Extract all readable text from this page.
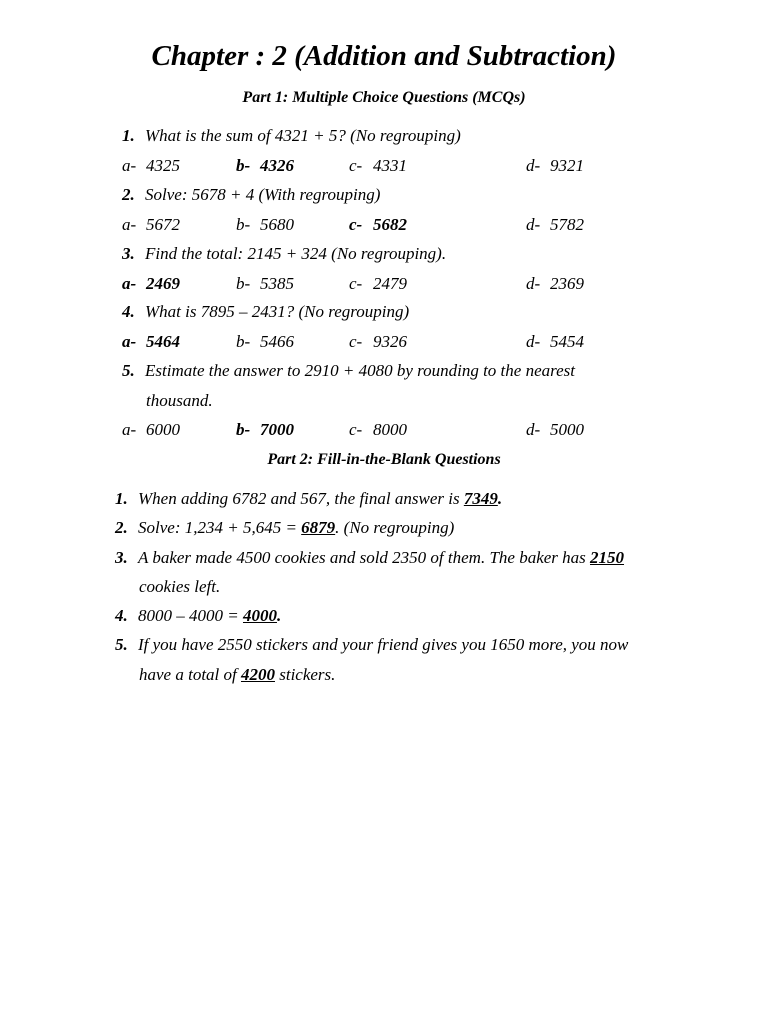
Chapter : 2 (Addition and Subtraction)
Part 1: Multiple Choice Questions (MCQs)
1. What is the sum of 4321 + 5? (No regrouping)
a- 4325	b- 4326	c- 4331	d- 9321
2. Solve: 5678 + 4 (With regrouping)
a- 5672	b- 5680	c- 5682	d- 5782
3. Find the total: 2145 + 324 (No regrouping).
a- 2469	b- 5385	c- 2479	d- 2369
4. What is 7895 – 2431? (No regrouping)
a- 5464	b- 5466	c- 9326	d- 5454
5. Estimate the answer to 2910 + 4080 by rounding to the nearest
thousand.
a- 6000	b- 7000	c- 8000	d- 5000
Part 2: Fill-in-the-Blank Questions
1. When adding 6782 and 567, the final answer is 7349.
2. Solve: 1,234 + 5,645 = 6879. (No regrouping)
3. A baker made 4500 cookies and sold 2350 of them. The baker has 2150
cookies left.
4. 8000 – 4000 = 4000.
5. If you have 2550 stickers and your friend gives you 1650 more, you now
have a total of 4200 stickers.
